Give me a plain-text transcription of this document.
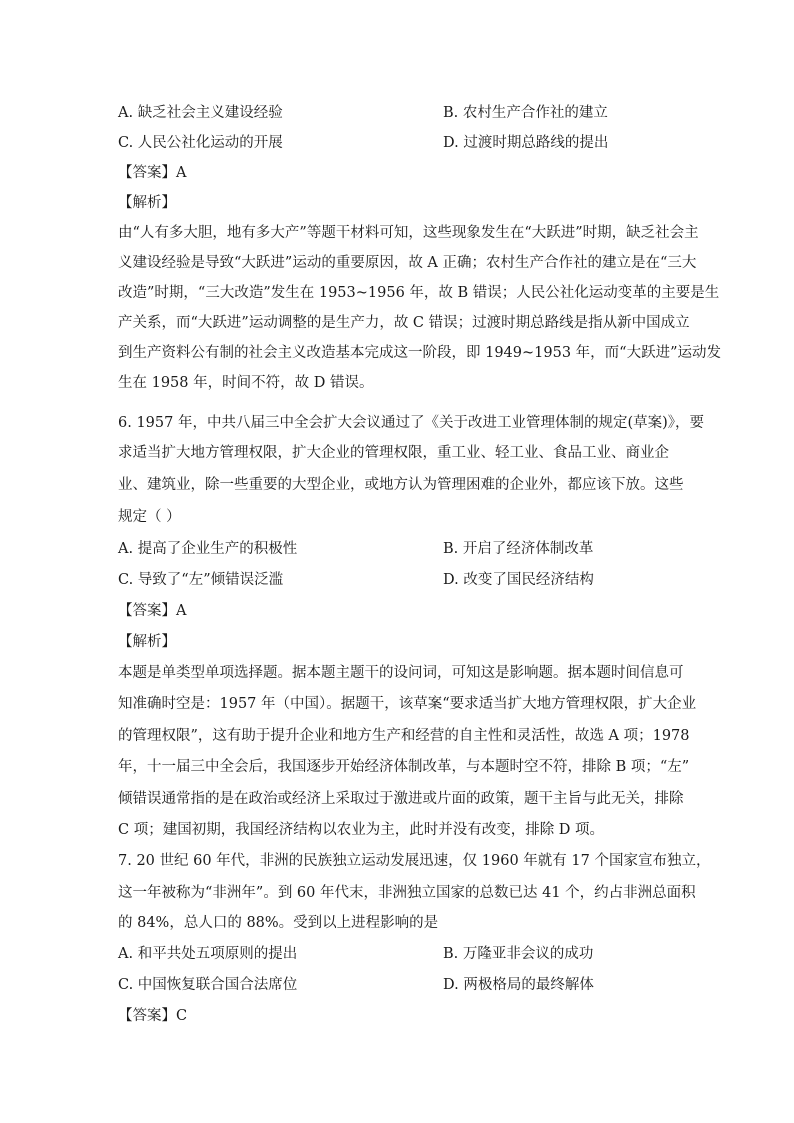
A. 缺乏社会主义建设经验	B. 农村生产合作社的建立
C. 人民公社化运动的开展	D. 过渡时期总路线的提出
【答案】A
【解析】
由“人有多大胆，地有多大产”等题干材料可知，这些现象发生在“大跃进”时期，缺乏社会主
义建设经验是导致“大跃进”运动的重要原因，故 A 正确；农村生产合作社的建立是在“三大
改造”时期，“三大改造”发生在 1953~1956 年，故 B 错误；人民公社化运动变革的主要是生
产关系，而“大跃进”运动调整的是生产力，故 C 错误；过渡时期总路线是指从新中国成立
到生产资料公有制的社会主义改造基本完成这一阶段，即 1949~1953 年，而“大跃进”运动发
生在 1958 年，时间不符，故 D 错误。
6. 1957 年，中共八届三中全会扩大会议通过了《关于改进工业管理体制的规定(草案)》，要
求适当扩大地方管理权限，扩大企业的管理权限，重工业、轻工业、食品工业、商业企
业、建筑业，除一些重要的大型企业，或地方认为管理困难的企业外，都应该下放。这些
规定（ ）
A. 提高了企业生产的积极性	B. 开启了经济体制改革
C. 导致了“左”倾错误泛滥	D. 改变了国民经济结构
【答案】A
【解析】
本题是单类型单项选择题。据本题主题干的设问词，可知这是影响题。据本题时间信息可
知准确时空是：1957 年（中国）。据题干，该草案“要求适当扩大地方管理权限，扩大企业
的管理权限”，这有助于提升企业和地方生产和经营的自主性和灵活性，故选 A 项；1978
年，十一届三中全会后，我国逐步开始经济体制改革，与本题时空不符，排除 B 项；“左”
倾错误通常指的是在政治或经济上采取过于激进或片面的政策，题干主旨与此无关，排除
C 项；建国初期，我国经济结构以农业为主，此时并没有改变，排除 D 项。
7. 20 世纪 60 年代，非洲的民族独立运动发展迅速，仅 1960 年就有 17 个国家宣布独立，
这一年被称为“非洲年”。到 60 年代末，非洲独立国家的总数已达 41 个，约占非洲总面积
的 84%，总人口的 88%。受到以上进程影响的是
A. 和平共处五项原则的提出	B. 万隆亚非会议的成功
C. 中国恢复联合国合法席位	D. 两极格局的最终解体
【答案】C
